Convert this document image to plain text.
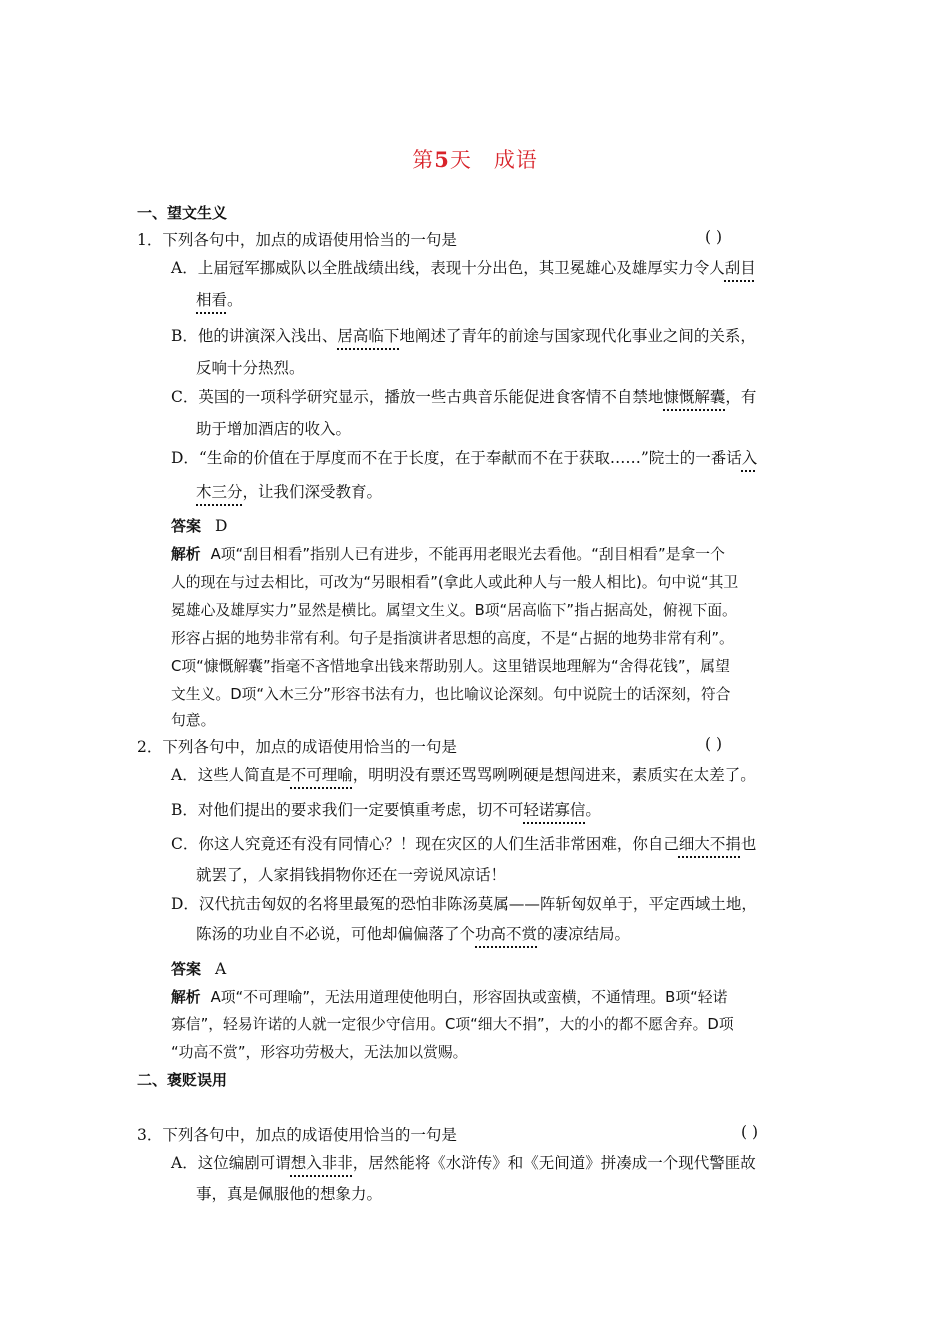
第5天 成语
一、望文生义
1．下列各句中，加点的成语使用恰当的一句是	( )
A．上届冠军挪威队以全胜战绩出线，表现十分出色，其卫冕雄心及雄厚实力令人刮目
相看。
B．他的讲演深入浅出、居高临下地阐述了青年的前途与国家现代化事业之间的关系，
反响十分热烈。
C．英国的一项科学研究显示，播放一些古典音乐能促进食客情不自禁地慷慨解囊，有
助于增加酒店的收入。
D．“生命的价值在于厚度而不在于长度，在于奉献而不在于获取……”院士的一番话入
木三分，让我们深受教育。
答案 D
解析 A项“刮目相看”指别人已有进步，不能再用老眼光去看他。“刮目相看”是拿一个
人的现在与过去相比，可改为“另眼相看”(拿此人或此种人与一般人相比)。句中说“其卫
冕雄心及雄厚实力”显然是横比。属望文生义。B项“居高临下”指占据高处，俯视下面。
形容占据的地势非常有利。句子是指演讲者思想的高度，不是“占据的地势非常有利”。
C项“慷慨解囊”指毫不吝惜地拿出钱来帮助别人。这里错误地理解为“舍得花钱”，属望
文生义。D项“入木三分”形容书法有力，也比喻议论深刻。句中说院士的话深刻，符合
句意。
2．下列各句中，加点的成语使用恰当的一句是	( )
A．这些人简直是不可理喻，明明没有票还骂骂咧咧硬是想闯进来，素质实在太差了。
B．对他们提出的要求我们一定要慎重考虑，切不可轻诺寡信。
C．你这人究竟还有没有同情心？！现在灾区的人们生活非常困难，你自己细大不捐也
就罢了，人家捐钱捐物你还在一旁说风凉话！
D．汉代抗击匈奴的名将里最冤的恐怕非陈汤莫属——阵斩匈奴单于，平定西域土地，
陈汤的功业自不必说，可他却偏偏落了个功高不赏的凄凉结局。
答案 A
解析 A项“不可理喻”，无法用道理使他明白，形容固执或蛮横，不通情理。B项“轻诺
寡信”，轻易许诺的人就一定很少守信用。C项“细大不捐”，大的小的都不愿舍弃。D项
“功高不赏”，形容功劳极大，无法加以赏赐。
二、褒贬误用
3．下列各句中，加点的成语使用恰当的一句是	( )
A．这位编剧可谓想入非非，居然能将《水浒传》和《无间道》拼凑成一个现代警匪故
事，真是佩服他的想象力。
